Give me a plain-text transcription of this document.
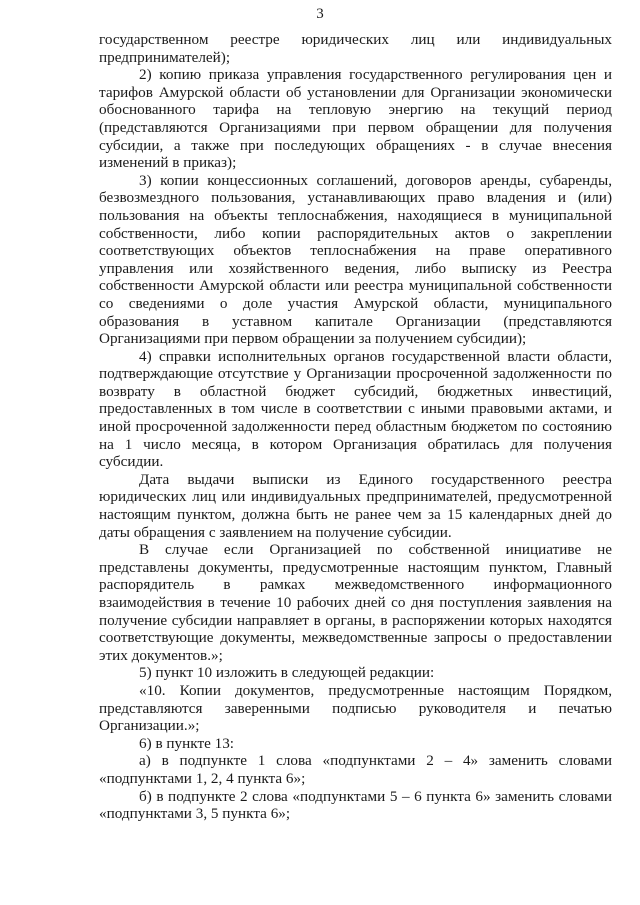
3

государственном реестре юридических лиц или индивидуальных предпринимателей);

2) копию приказа управления государственного регулирования цен и тарифов Амурской области об установлении для Организации экономически обоснованного тарифа на тепловую энергию на текущий период (представляются Организациями при первом обращении для получения субсидии, а также при последующих обращениях - в случае внесения изменений в приказ);

3) копии концессионных соглашений, договоров аренды, субаренды, безвозмездного пользования, устанавливающих право владения и (или) пользования на объекты теплоснабжения, находящиеся в муниципальной собственности, либо копии распорядительных актов о закреплении соответствующих объектов теплоснабжения на праве оперативного управления или хозяйственного ведения, либо выписку из Реестра собственности Амурской области или реестра муниципальной собственности со сведениями о доле участия Амурской области, муниципального образования в уставном капитале Организации (представляются Организациями при первом обращении за получением субсидии);

4) справки исполнительных органов государственной власти области, подтверждающие отсутствие у Организации просроченной задолженности по возврату в областной бюджет субсидий, бюджетных инвестиций, предоставленных в том числе в соответствии с иными правовыми актами, и иной просроченной задолженности перед областным бюджетом по состоянию на 1 число месяца, в котором Организация обратилась для получения субсидии.

Дата выдачи выписки из Единого государственного реестра юридических лиц или индивидуальных предпринимателей, предусмотренной настоящим пунктом, должна быть не ранее чем за 15 календарных дней до даты обращения с заявлением на получение субсидии.

В случае если Организацией по собственной инициативе не представлены документы, предусмотренные настоящим пунктом, Главный распорядитель в рамках межведомственного информационного взаимодействия в течение 10 рабочих дней со дня поступления заявления на получение субсидии направляет в органы, в распоряжении которых находятся соответствующие документы, межведомственные запросы о предоставлении этих документов.»;

5) пункт 10 изложить в следующей редакции:

«10. Копии документов, предусмотренные настоящим Порядком, представляются заверенными подписью руководителя и печатью Организации.»;

6) в пункте 13:

а) в подпункте 1 слова «подпунктами 2 – 4» заменить словами «подпунктами 1, 2, 4 пункта 6»;

б) в подпункте 2 слова «подпунктами 5 – 6 пункта 6» заменить словами «подпунктами 3, 5 пункта 6»;
